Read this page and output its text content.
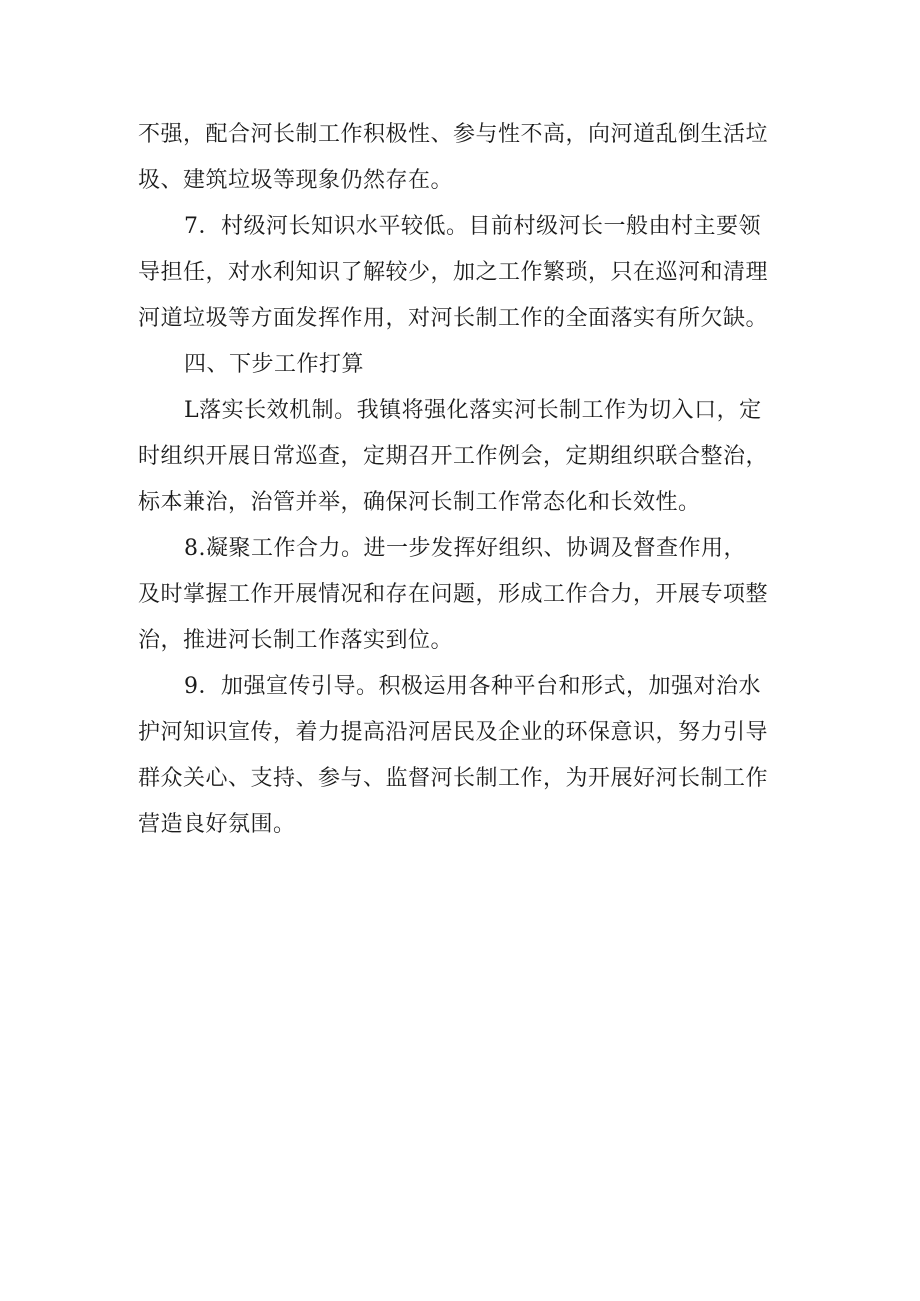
不强，配合河长制工作积极性、参与性不高，向河道乱倒生活垃
圾、建筑垃圾等现象仍然存在。
7．村级河长知识水平较低。目前村级河长一般由村主要领
导担任，对水利知识了解较少，加之工作繁琐，只在巡河和清理
河道垃圾等方面发挥作用，对河长制工作的全面落实有所欠缺。
四、下步工作打算
L落实长效机制。我镇将强化落实河长制工作为切入口，定
时组织开展日常巡查，定期召开工作例会，定期组织联合整治，
标本兼治，治管并举，确保河长制工作常态化和长效性。
8.凝聚工作合力。进一步发挥好组织、协调及督查作用，
及时掌握工作开展情况和存在问题，形成工作合力，开展专项整
治，推进河长制工作落实到位。
9．加强宣传引导。积极运用各种平台和形式，加强对治水
护河知识宣传，着力提高沿河居民及企业的环保意识，努力引导
群众关心、支持、参与、监督河长制工作，为开展好河长制工作
营造良好氛围。
